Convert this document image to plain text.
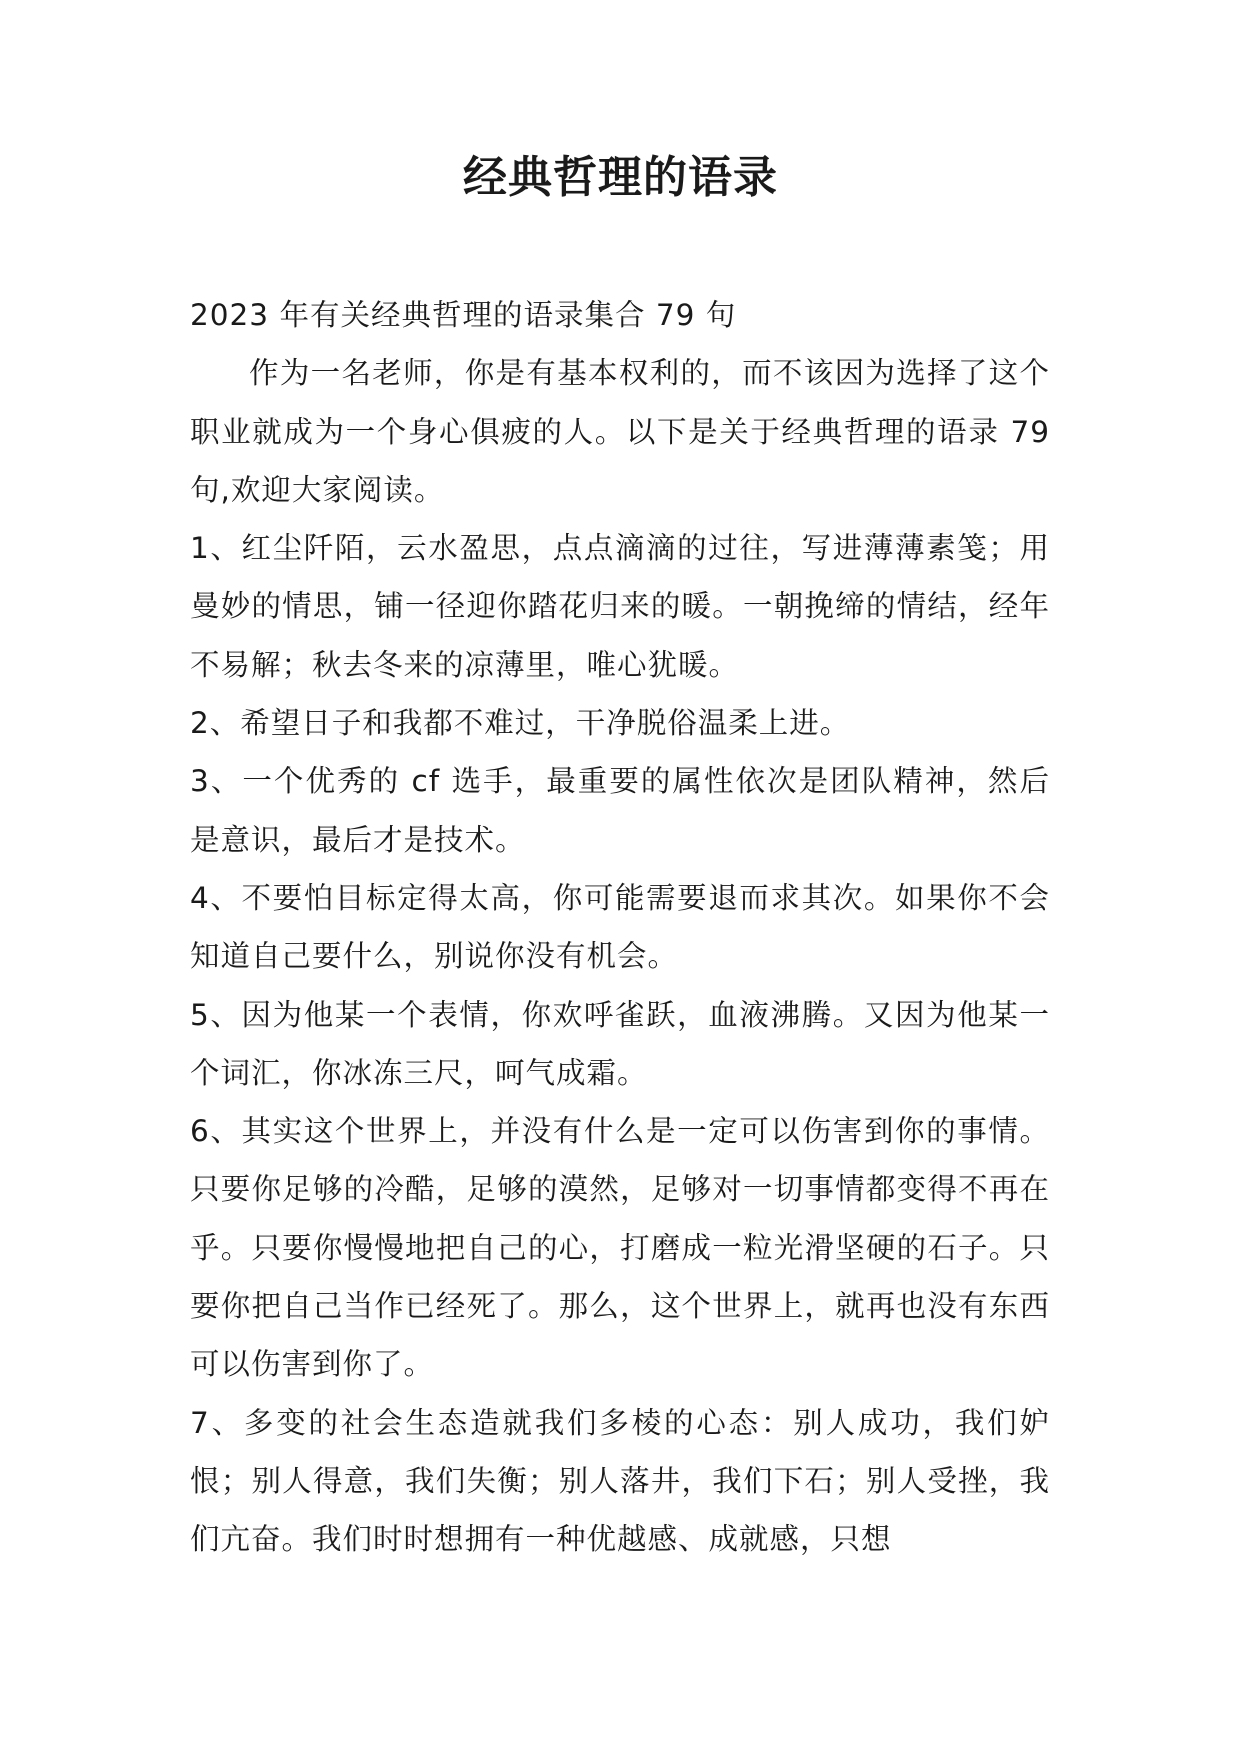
经典哲理的语录

2023 年有关经典哲理的语录集合 79 句

作为一名老师，你是有基本权利的，而不该因为选择了这个职业就成为一个身心俱疲的人。以下是关于经典哲理的语录 79 句,欢迎大家阅读。

1、红尘阡陌，云水盈思，点点滴滴的过往，写进薄薄素笺；用曼妙的情思，铺一径迎你踏花归来的暖。一朝挽缔的情结，经年不易解；秋去冬来的凉薄里，唯心犹暖。

2、希望日子和我都不难过，干净脱俗温柔上进。

3、一个优秀的 cf 选手，最重要的属性依次是团队精神，然后是意识，最后才是技术。

4、不要怕目标定得太高，你可能需要退而求其次。如果你不会知道自己要什么，别说你没有机会。

5、因为他某一个表情，你欢呼雀跃，血液沸腾。又因为他某一个词汇，你冰冻三尺，呵气成霜。

6、其实这个世界上，并没有什么是一定可以伤害到你的事情。只要你足够的冷酷，足够的漠然，足够对一切事情都变得不再在乎。只要你慢慢地把自己的心，打磨成一粒光滑坚硬的石子。只要你把自己当作已经死了。那么，这个世界上，就再也没有东西可以伤害到你了。

7、多变的社会生态造就我们多棱的心态：别人成功，我们妒恨；别人得意，我们失衡；别人落井，我们下石；别人受挫，我们亢奋。我们时时想拥有一种优越感、成就感，只想
